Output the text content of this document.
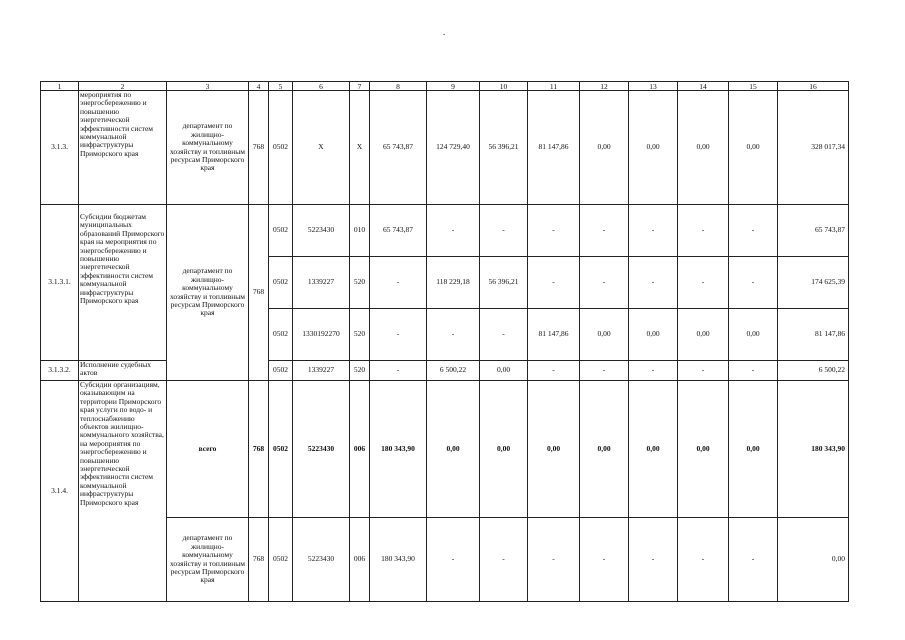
.
1	2	3	4	5	6	7	8	9	10	11	12	13	14	15	16
3.1.3.	мероприятия по энергосбережению и повышению энергетической эффективности систем коммунальной инфраструктуры Приморского края	департамент по жилищно-коммунальному хозяйству и топливным ресурсам Приморского края	768	0502	X	X	65 743,87	124 729,40	56 396,21	81 147,86	0,00	0,00	0,00	0,00	328 017,34
3.1.3.1.	Субсидии бюджетам муниципальных образований Приморского края на мероприятия по энергосбережению и повышению энергетической эффективности систем коммунальной инфраструктуры Приморского края	департамент по жилищно-коммунальному хозяйству и топливным ресурсам Приморского края	768	0502	5223430	010	65 743,87	-	-	-	-	-	-	-	65 743,87
				0502	1339227	520	-	118 229,18	56 396,21	-	-	-	-	-	174 625,39
				0502	1330192270	520	-	-	-	81 147,86	0,00	0,00	0,00	0,00	81 147,86
3.1.3.2.	Исполнение судебных актов			0502	1339227	520	-	6 500,22	0,00	-	-	-	-	-	6 500,22
3.1.4.	Субсидии организациям, оказывающим на территории Приморского края услуги по водо- и теплоснабжению объектов жилищно-коммунального хозяйства, на мероприятия по энергосбережению и повышению энергетической эффективности систем коммунальной инфраструктуры Приморского края	всего	768	0502	5223430	006	180 343,90	0,00	0,00	0,00	0,00	0,00	0,00	0,00	180 343,90
		департамент по жилищно-коммунальному хозяйству и топливным ресурсам Приморского края	768	0502	5223430	006	180 343,90	-	-	-	-	-	-	-	0,00
